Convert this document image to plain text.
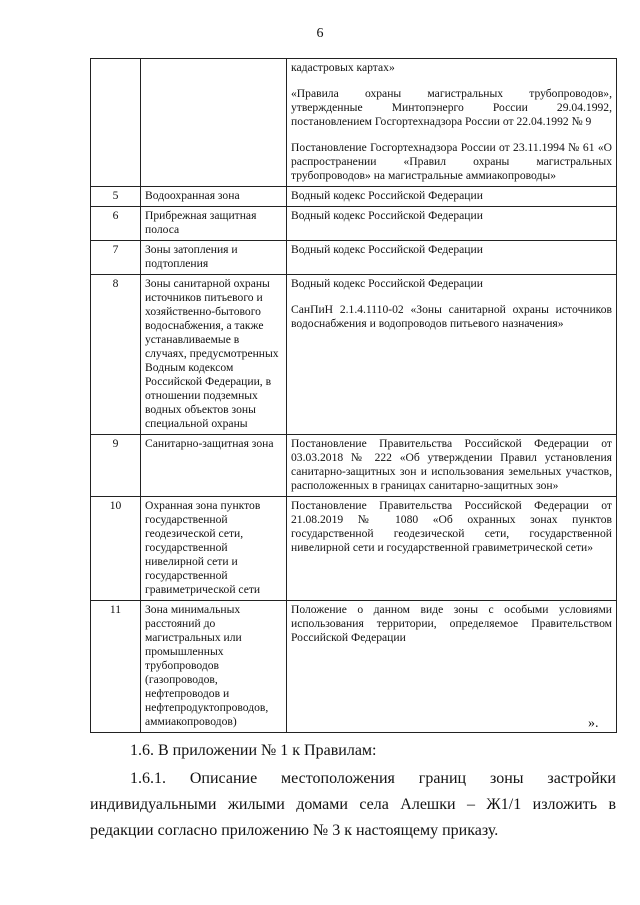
6

		кадастровых картах»

«Правила охраны магистральных трубопроводов», утвержденные Минтопэнерго России 29.04.1992, постановлением Госгортехнадзора России от 22.04.1992 № 9

Постановление Госгортехнадзора России от 23.11.1994 № 61 «О распространении «Правил охраны магистральных трубопроводов» на магистральные аммиакопроводы»

5	Водоохранная зона	Водный кодекс Российской Федерации

6	Прибрежная защитная полоса	Водный кодекс Российской Федерации

7	Зоны затопления и подтопления	Водный кодекс Российской Федерации

8	Зоны санитарной охраны источников питьевого и хозяйственно-бытового водоснабжения, а также устанавливаемые в случаях, предусмотренных Водным кодексом Российской Федерации, в отношении подземных водных объектов зоны специальной охраны	Водный кодекс Российской Федерации

СанПиН 2.1.4.1110-02 «Зоны санитарной охраны источников водоснабжения и водопроводов питьевого назначения»

9	Санитарно-защитная зона	Постановление Правительства Российской Федерации от 03.03.2018 № 222 «Об утверждении Правил установления санитарно-защитных зон и использования земельных участков, расположенных в границах санитарно-защитных зон»

10	Охранная зона пунктов государственной геодезической сети, государственной нивелирной сети и государственной гравиметрической сети	Постановление Правительства Российской Федерации от 21.08.2019 № 1080 «Об охранных зонах пунктов государственной геодезической сети, государственной нивелирной сети и государственной гравиметрической сети»

11	Зона минимальных расстояний до магистральных или промышленных трубопроводов (газопроводов, нефтепроводов и нефтепродуктопроводов, аммиакопроводов)	Положение о данном виде зоны с особыми условиями использования территории, определяемое Правительством Российской Федерации

».
1.6. В приложении № 1 к Правилам:
1.6.1. Описание местоположения границ зоны застройки индивидуальными жилыми домами села Алешки – Ж1/1 изложить в редакции согласно приложению № 3 к настоящему приказу.
